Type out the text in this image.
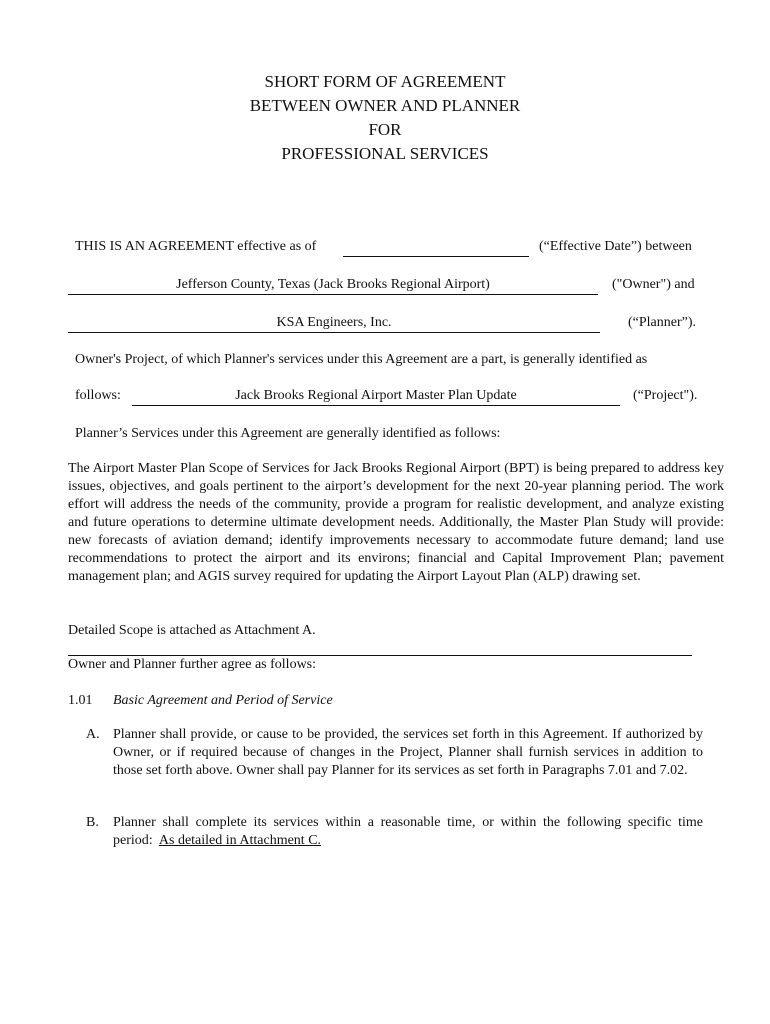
SHORT FORM OF AGREEMENT
BETWEEN OWNER AND PLANNER
FOR
PROFESSIONAL SERVICES
THIS IS AN AGREEMENT effective as of	(“Effective Date”) between
Jefferson County, Texas (Jack Brooks Regional Airport)	("Owner") and
KSA Engineers, Inc.	(“Planner”).
Owner's Project, of which Planner's services under this Agreement are a part, is generally identified as
follows:	Jack Brooks Regional Airport Master Plan Update	(“Project").
Planner’s Services under this Agreement are generally identified as follows:
The Airport Master Plan Scope of Services for Jack Brooks Regional Airport (BPT) is being prepared to address key issues, objectives, and goals pertinent to the airport’s development for the next 20-year planning period. The work effort will address the needs of the community, provide a program for realistic development, and analyze existing and future operations to determine ultimate development needs. Additionally, the Master Plan Study will provide: new forecasts of aviation demand; identify improvements necessary to accommodate future demand; land use recommendations to protect the airport and its environs; financial and Capital Improvement Plan; pavement management plan; and AGIS survey required for updating the Airport Layout Plan (ALP) drawing set.
Detailed Scope is attached as Attachment A.
Owner and Planner further agree as follows:
1.01 Basic Agreement and Period of Service
A. Planner shall provide, or cause to be provided, the services set forth in this Agreement. If authorized by Owner, or if required because of changes in the Project, Planner shall furnish services in addition to those set forth above. Owner shall pay Planner for its services as set forth in Paragraphs 7.01 and 7.02.
B. Planner shall complete its services within a reasonable time, or within the following specific time period: As detailed in Attachment C.
